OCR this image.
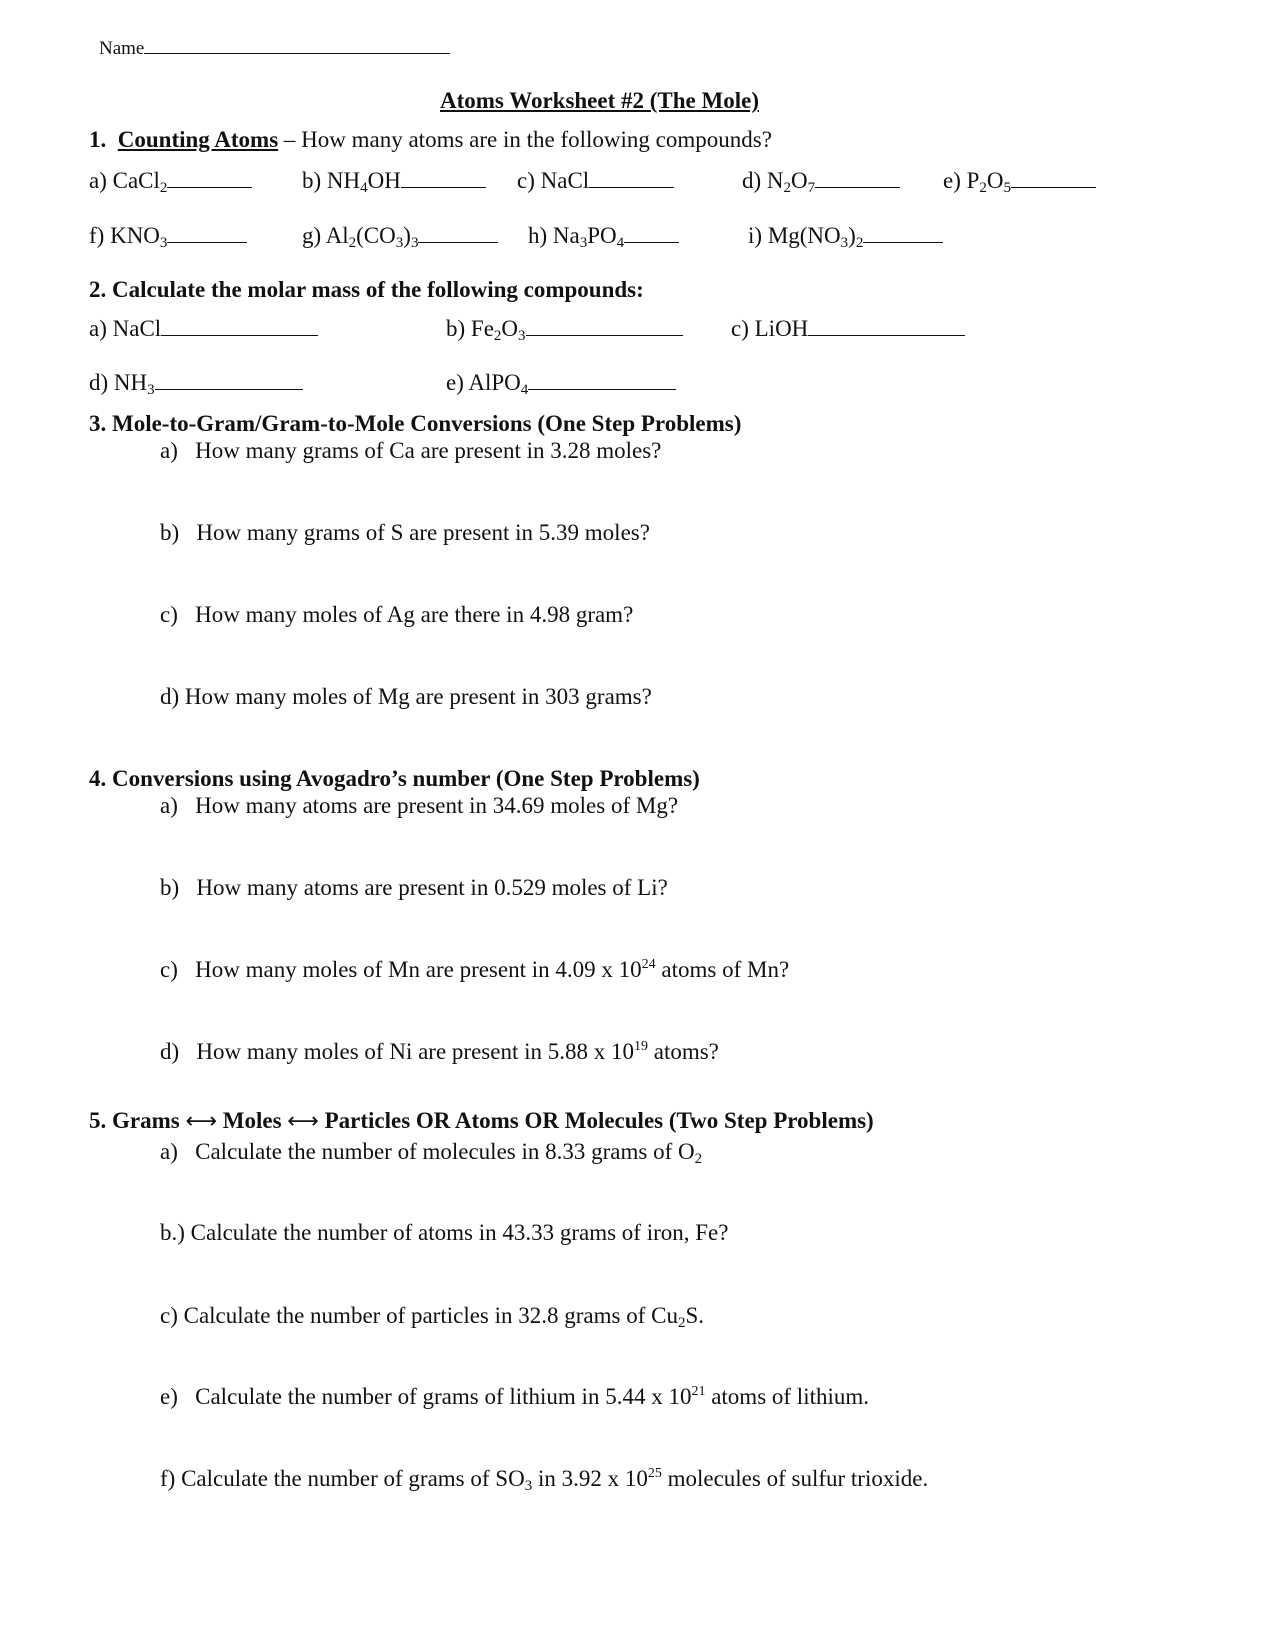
Name
Atoms Worksheet #2 (The Mole)
1. Counting Atoms – How many atoms are in the following compounds?
a) CaCl$_2$	b) $NH_4OH$	c) NaCl	d) $N_2O_7$	e) $P_2O_5$
f) $KNO_3$	g) $Al_2(CO_3)_3$	h) $Na_3PO_4$	i) $Mg(NO_3)_2$
2. Calculate the molar mass of the following compounds:
a) NaCl	b) $Fe_2O_3$	c) LiOH
d) $NH_3$	e) AlPO$_4$
3. Mole-to-Gram/Gram-to-Mole Conversions (One Step Problems)
a) How many grams of Ca are present in 3.28 moles?
b) How many grams of S are present in 5.39 moles?
c) How many moles of Ag are there in 4.98 gram?
d) How many moles of Mg are present in 303 grams?
4. Conversions using Avogadro’s number (One Step Problems)
a) How many atoms are present in 34.69 moles of Mg?
b) How many atoms are present in 0.529 moles of Li?
c) How many moles of Mn are present in 4.09 x $10^{24}$ atoms of Mn?
d) How many moles of Ni are present in 5.88 x $10^{19}$ atoms?
5. Grams ⟷ Moles ⟷ Particles OR Atoms OR Molecules (Two Step Problems)
a) Calculate the number of molecules in 8.33 grams of $O_2$
b.) Calculate the number of atoms in 43.33 grams of iron, Fe?
c) Calculate the number of particles in 32.8 grams of $Cu_2S$.
e) Calculate the number of grams of lithium in 5.44 x $10^{21}$ atoms of lithium.
f) Calculate the number of grams of $SO_3$ in 3.92 x $10^{25}$ molecules of sulfur trioxide.
